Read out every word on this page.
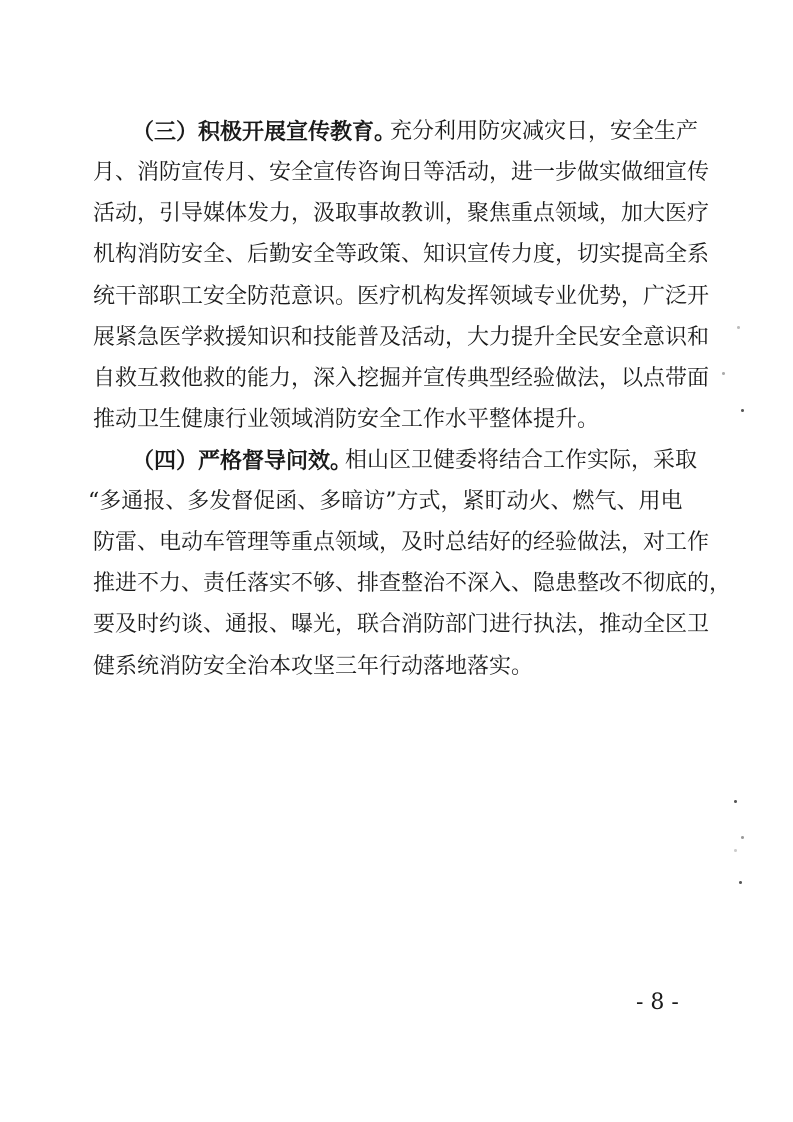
（三）积极开展宣传教育。
充分利用防灾减灾日，安全生产
月、消防宣传月、安全宣传咨询日等活动，进一步做实做细宣传
活动，引导媒体发力，汲取事故教训，聚焦重点领域，加大医疗
机构消防安全、后勤安全等政策、知识宣传力度，切实提高全系
统干部职工安全防范意识。医疗机构发挥领域专业优势，广泛开
展紧急医学救援知识和技能普及活动，大力提升全民安全意识和
自救互救他救的能力，深入挖掘并宣传典型经验做法，以点带面
推动卫生健康行业领域消防安全工作水平整体提升。
（四）严格督导问效。
相山区卫健委将结合工作实际，采取
“多通报、多发督促函、多暗访”方式，紧盯动火、燃气、用电
防雷、电动车管理等重点领域，及时总结好的经验做法，对工作
推进不力、责任落实不够、排查整治不深入、隐患整改不彻底的，
要及时约谈、通报、曝光，联合消防部门进行执法，推动全区卫
健系统消防安全治本攻坚三年行动落地落实。
- 8 -
